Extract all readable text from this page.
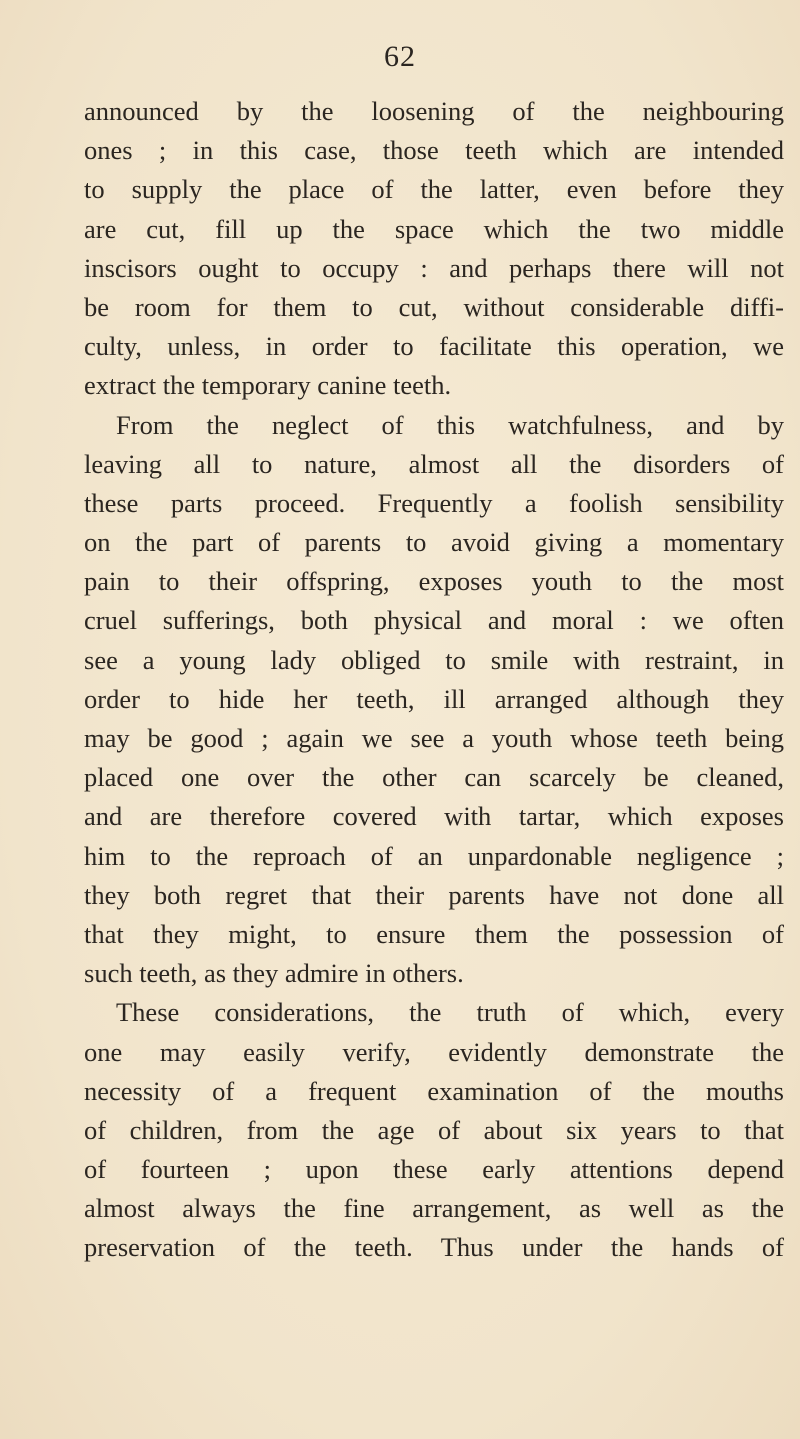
62
announced by the loosening of the neighbouring
ones ; in this case, those teeth which are intended
to supply the place of the latter, even before they
are cut, fill up the space which the two middle
inscisors ought to occupy : and perhaps there will not
be room for them to cut, without considerable diffi-
culty, unless, in order to facilitate this operation, we
extract the temporary canine teeth.
From the neglect of this watchfulness, and by
leaving all to nature, almost all the disorders of
these parts proceed. Frequently a foolish sensibility
on the part of parents to avoid giving a momentary
pain to their offspring, exposes youth to the most
cruel sufferings, both physical and moral : we often
see a young lady obliged to smile with restraint, in
order to hide her teeth, ill arranged although they
may be good ; again we see a youth whose teeth being
placed one over the other can scarcely be cleaned,
and are therefore covered with tartar, which exposes
him to the reproach of an unpardonable negligence ;
they both regret that their parents have not done all
that they might, to ensure them the possession of
such teeth, as they admire in others.
These considerations, the truth of which, every
one may easily verify, evidently demonstrate the
necessity of a frequent examination of the mouths
of children, from the age of about six years to that
of fourteen ; upon these early attentions depend
almost always the fine arrangement, as well as the
preservation of the teeth. Thus under the hands of
